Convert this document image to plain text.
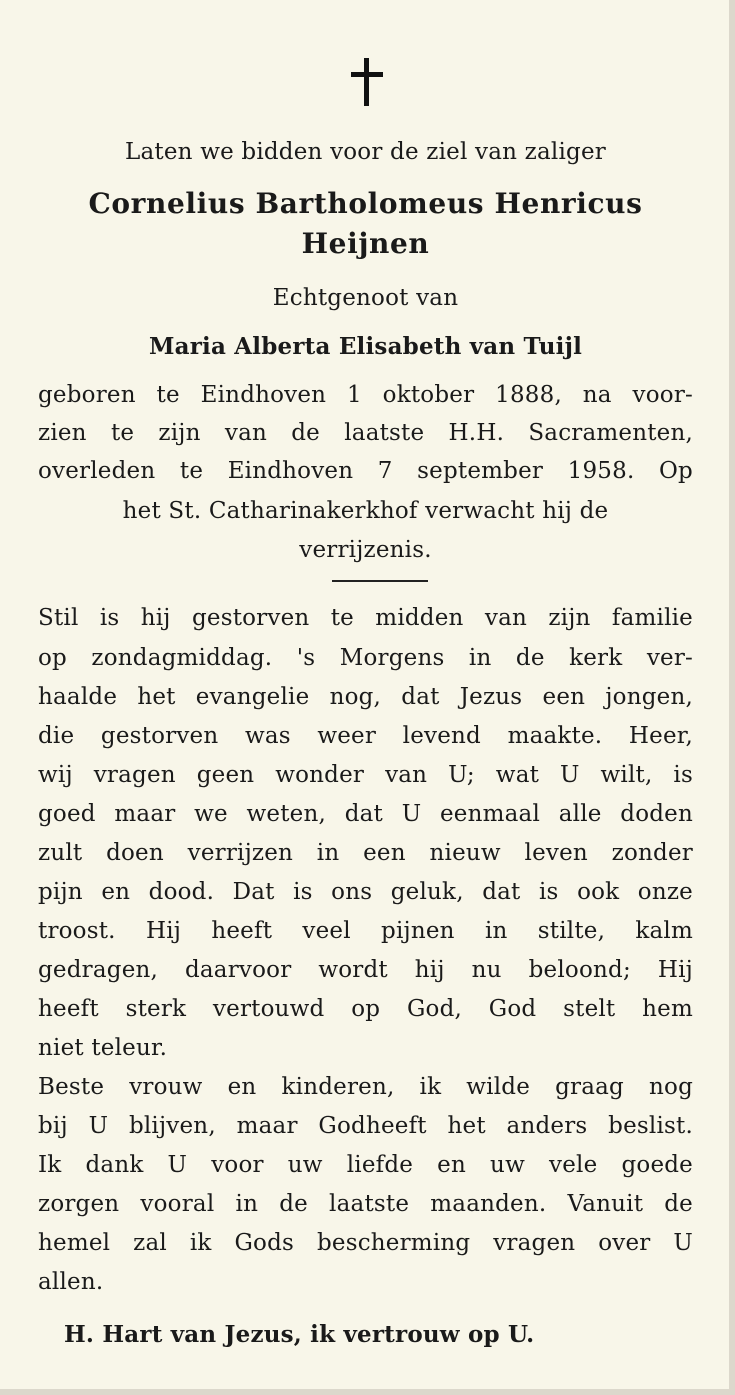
Laten we bidden voor de ziel van zaliger

Cornelius Bartholomeus Henricus

Heijnen

Echtgenoot van

Maria Alberta Elisabeth van Tuijl

geboren te Eindhoven 1 oktober 1888, na voor-

zien te zijn van de laatste H.H. Sacramenten,

overleden te Eindhoven 7 september 1958. Op

het St. Catharinakerkhof verwacht hij de

verrijzenis.

Stil is hij gestorven te midden van zijn familie

op zondagmiddag. 's Morgens in de kerk ver-

haalde het evangelie nog, dat Jezus een jongen,

die gestorven was weer levend maakte. Heer,

wij vragen geen wonder van U; wat U wilt, is

goed maar we weten, dat U eenmaal alle doden

zult doen verrijzen in een nieuw leven zonder

pijn en dood. Dat is ons geluk, dat is ook onze

troost. Hij heeft veel pijnen in stilte, kalm

gedragen, daarvoor wordt hij nu beloond; Hij

heeft sterk vertouwd op God, God stelt hem

niet teleur.

Beste vrouw en kinderen, ik wilde graag nog

bij U blijven, maar Godheeft het anders beslist.

Ik dank U voor uw liefde en uw vele goede

zorgen vooral in de laatste maanden. Vanuit de

hemel zal ik Gods bescherming vragen over U

allen.

H. Hart van Jezus, ik vertrouw op U.
